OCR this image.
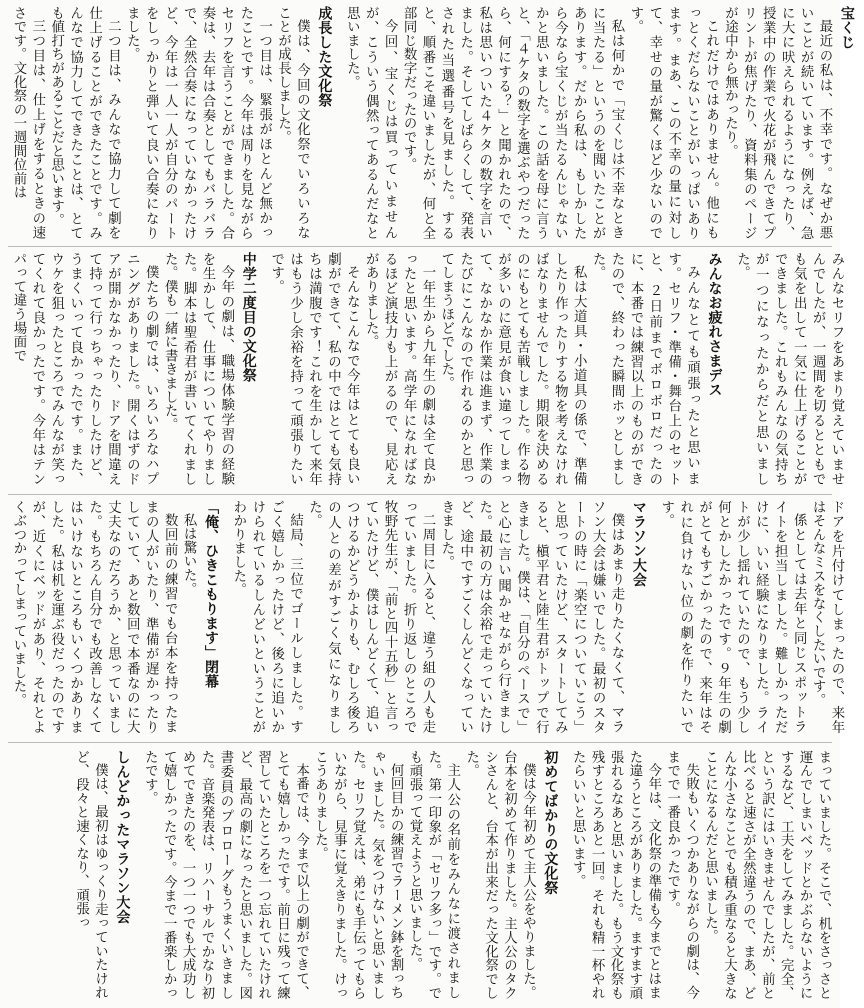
宝くじ
最近の私は、不幸です。なぜか悪いことが続いています。例えば、急に大に吠えられるようになったり、授業中の作業で火花が飛んできてプリントが焦げたり、資料集のページが途中から無かったり。
これだけではありません。他にもっとくだらないことがいっぱいあります。まあ、この不幸の量に対して、幸せの量が驚くほど少ないのです。
私は何かで「宝くじは不幸なときに当たる」というのを聞いたことがあります。だから私は、もしかしたら今なら宝くじが当たるんじゃないかと思いました。この話を母に言うと、「４ケタの数字を選ぶやつだったら、何にする？」と聞かれたので、私は思いついた４ケタの数字を言いました。そしてしばらくして、発表された当選番号を見ました。すると、順番こそ違いましたが、何と全部同じ数字だったのです。
今回、宝くじは買っていませんが、こういう偶然ってあるんだなと思いました。
成長した文化祭
僕は、今回の文化祭でいろいろなことが成長しました。
一つ目は、緊張がほとんど無かったことです。今年は周りを見ながらセリフを言うことができました。合奏は、去年は合奏としてもバラバラで、全然合奏になっていなかったけど、今年は一人一人が自分のパートをしっかりと弾いて良い合奏になりました。
二つ目は、みんなで協力して劇を仕上げることができたことです。みんなで協力してできたことは、とても値打ちがあることだと思います。
三つ目は、仕上げをするときの速さです。文化祭の一週間位前は
みんなセリフをあまり覚えていませんでしたが、一週間を切るとともでも気を出して一気に仕上げることができました。これもみんなの気持ちが一つになったからだと思いました。
みんなお疲れさまデス
みんなとても頑張ったと思います。セリフ・準備・舞台上のセットと、２日前までボロボロだったのに、本番では練習以上のものができたので、終わった瞬間ホッとしました。
私は大道具・小道具の係で、準備したり作ったりする物を考えなければなりませんでした。期限を決めるのにもとても苦戦しました。作る物が多いのに意見が食い違ってしまって、なかなか作業は進まず、作業のたびにこんなので作れるのかと思ってしまうほどでした。
一年生から九年生の劇は全て良かったと思います。高学年になればなるほど演技力も上がるので、見応えがありました。
そんなこんなで今年はとても良い劇ができて、私の中ではとても気持ちは満腹です！これを生かして来年はもう少し余裕を持って頑張りたいです。
中学二度目の文化祭
今年の劇は、職場体験学習の経験を生かして、仕事についてやりました。脚本は聖希君が書いてくれました。僕も一緒に書きました。
僕たちの劇では、いろいろなハプニングがありました。開くはずのドアが開かなかったり、ドアを間違えて持って行っちゃったりしたけど、うまくいって良かったです。また、ウケを狙ったところでみんなが笑ってくれて良かったです。今年はテンパって違う場面で
ドアを片付けてしまったので、来年はそんなミスをなくしたいです。
係としては去年と同じスポットライトを担当しました。難しかっただけに、いい経験になりました。ライトが少し揺れていたので、もう少し何とかしたかったです。９年生の劇がとてもすごかったので、来年はそれに負けない位の劇を作りたいです。
マラソン大会
僕はあまり走りたくなくて、マラソン大会は嫌いでした。最初のスタートの時に「楽空についていこう」と思っていたけど、スタートしてみると、槇平君と陸生君がトップで行きました。僕は、「自分のペースで」と心に言い聞かせながら行きました。最初の方は余裕で走っていたけど、途中ですごくしんどくなっていきました。
二周目に入ると、違う組の人も走っていました。折り返しのところで牧野先生が、「前と四十五秒」と言っていたけど、僕はしんどくて、追いつけるかどうかよりも、むしろ後ろの人との差がすごく気になりました。
結局、三位でゴールしました。すごく嬉しかったけど、後ろに追いかけられているしんどいということがわかりました。
「俺、ひきこもります」閉幕
私は驚いた。
数回前の練習でも台本を持ったままの人がいたり、準備が遅かったりしていて、あと数回で本番なのに大丈夫なのだろうか、と思っていました。もちろん自分でも改善しなくてはいけないところもいくつかありました。私は机を運ぶ役だったのですが、近くにベッドがあり、それとよくぶつかってしまっていました。
まっていました。そこで、机をさっさと運んでしまいベッドとかぶらないようにするなど、工夫をしてみました。完全、という訳にはいきませんでしたが、前と比べると速さが全然違うので、まあ、どんな小さなことでも積み重なると大きなことになるんだと思いました。
失敗もいくつかありながらの劇は、今までで一番良かったです。
今年は、文化祭の準備も今までとはまた違うところがありました。ますます頑張れるなあと思いました。もう文化祭も残すところあと一回。それも精一杯やれたらいいと思います。
初めてばかりの文化祭
僕は今年初めて主人公をやりました。台本を初めて作りました。主人公のタクシさんと、台本が出来だった文化祭でした。
主人公の名前をみんなに渡されました。第一印象が「セリフ多っ」です。でも頑張って覚えようと思いました。
何回目かの練習でラーメン鉢を割っちゃいました。気をつけないと思いました。セリフ覚えは、弟にも手伝ってもらいながら、見事に覚えきりました。けっこうありました。
本番では、今まで以上の劇ができて、とても嬉しかったです。前日に残って練習していたところを一つ忘れていたけれど、最高の劇になったと思いました。図書委員のプロローグもうまくいきました。音楽発表は、リハーサルでかなり初めてできたのを、一つ一つでも大成功して嬉しかったです。今まで一番楽しかったです。
しんどかったマラソン大会
僕は、最初はゆっくり走っていたけれど、段々と速くなり、頑張っ
